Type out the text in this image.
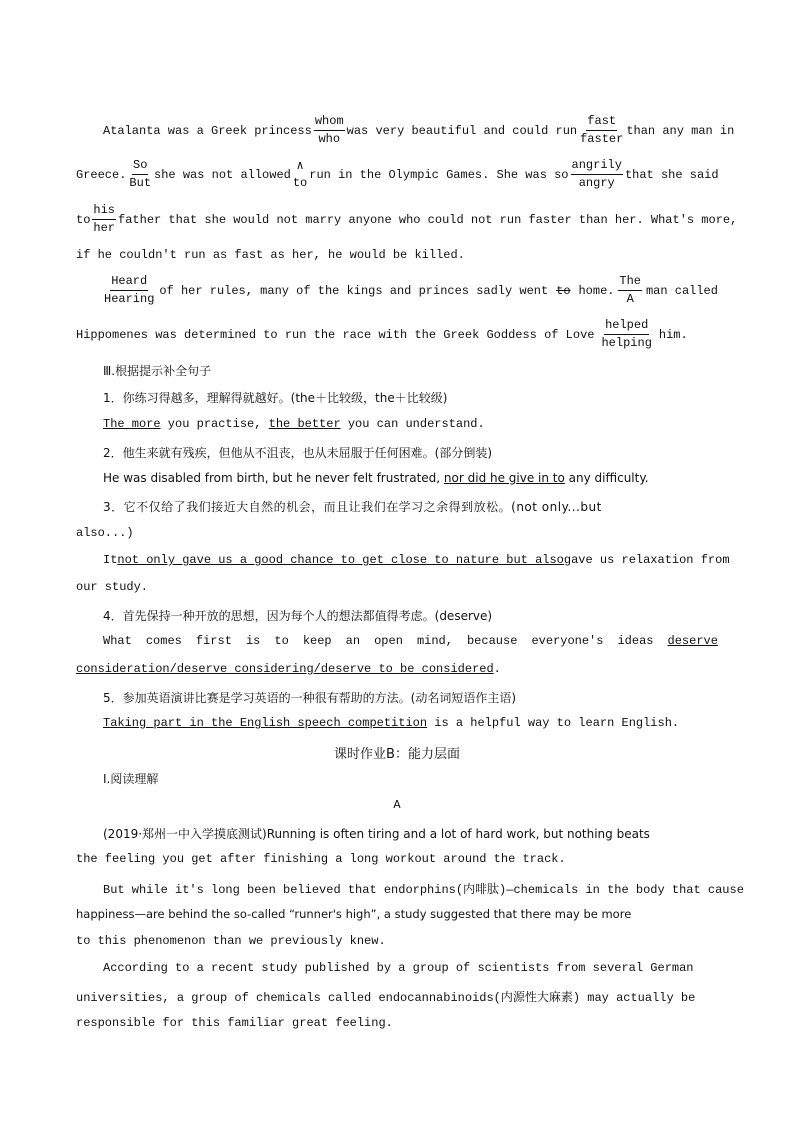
Atalanta was a Greek princess
whom
who
was very beautiful and could run
fast
faster
than any man in
Greece.
So
But
she was not allowed
∧
to
run in the Olympic Games. She was so
angrily
angry
that she said
to
his
her
father that she would not marry anyone who could not run faster than her. What's more,
if he couldn't run as fast as her, he would be killed.
Heard
Hearing
of her rules, many of the kings and princes sadly went to home.
The
A
man called
Hippomenes was determined to run the race with the Greek Goddess of Love
helped
helping
him.
Ⅲ.根据提示补全句子
1．你练习得越多，理解得就越好。(the＋比较级，the＋比较级)
The more you practise, the better you can understand.
2．他生来就有残疾，但他从不沮丧，也从未屈服于任何困难。(部分倒装)
He was disabled from birth, but he never felt frustrated, nor did he give in to any difficulty.
3．它不仅给了我们接近大自然的机会，而且让我们在学习之余得到放松。(not only...but
also...)
It not only gave us a good chance to get close to nature but also gave us relaxation from
our study.
4．首先保持一种开放的思想，因为每个人的想法都值得考虑。(deserve)
What comes first is to keep an open mind, because everyone's ideas deserve
consideration/deserve considering/deserve to be considered.
5．参加英语演讲比赛是学习英语的一种很有帮助的方法。(动名词短语作主语)
Taking part in the English speech competition is a helpful way to learn English.
课时作业B：能力层面
Ⅰ.阅读理解
A
(2019·郑州一中入学摸底测试)Running is often tiring and a lot of hard work, but nothing beats
the feeling you get after finishing a long workout around the track.
But while it's long been believed that endorphins(内啡肽)—chemicals in the body that cause
happiness—are behind the so-called “runner's high”, a study suggested that there may be more
to this phenomenon than we previously knew.
According to a recent study published by a group of scientists from several German
universities, a group of chemicals called endocannabinoids(内源性大麻素) may actually be
responsible for this familiar great feeling.
